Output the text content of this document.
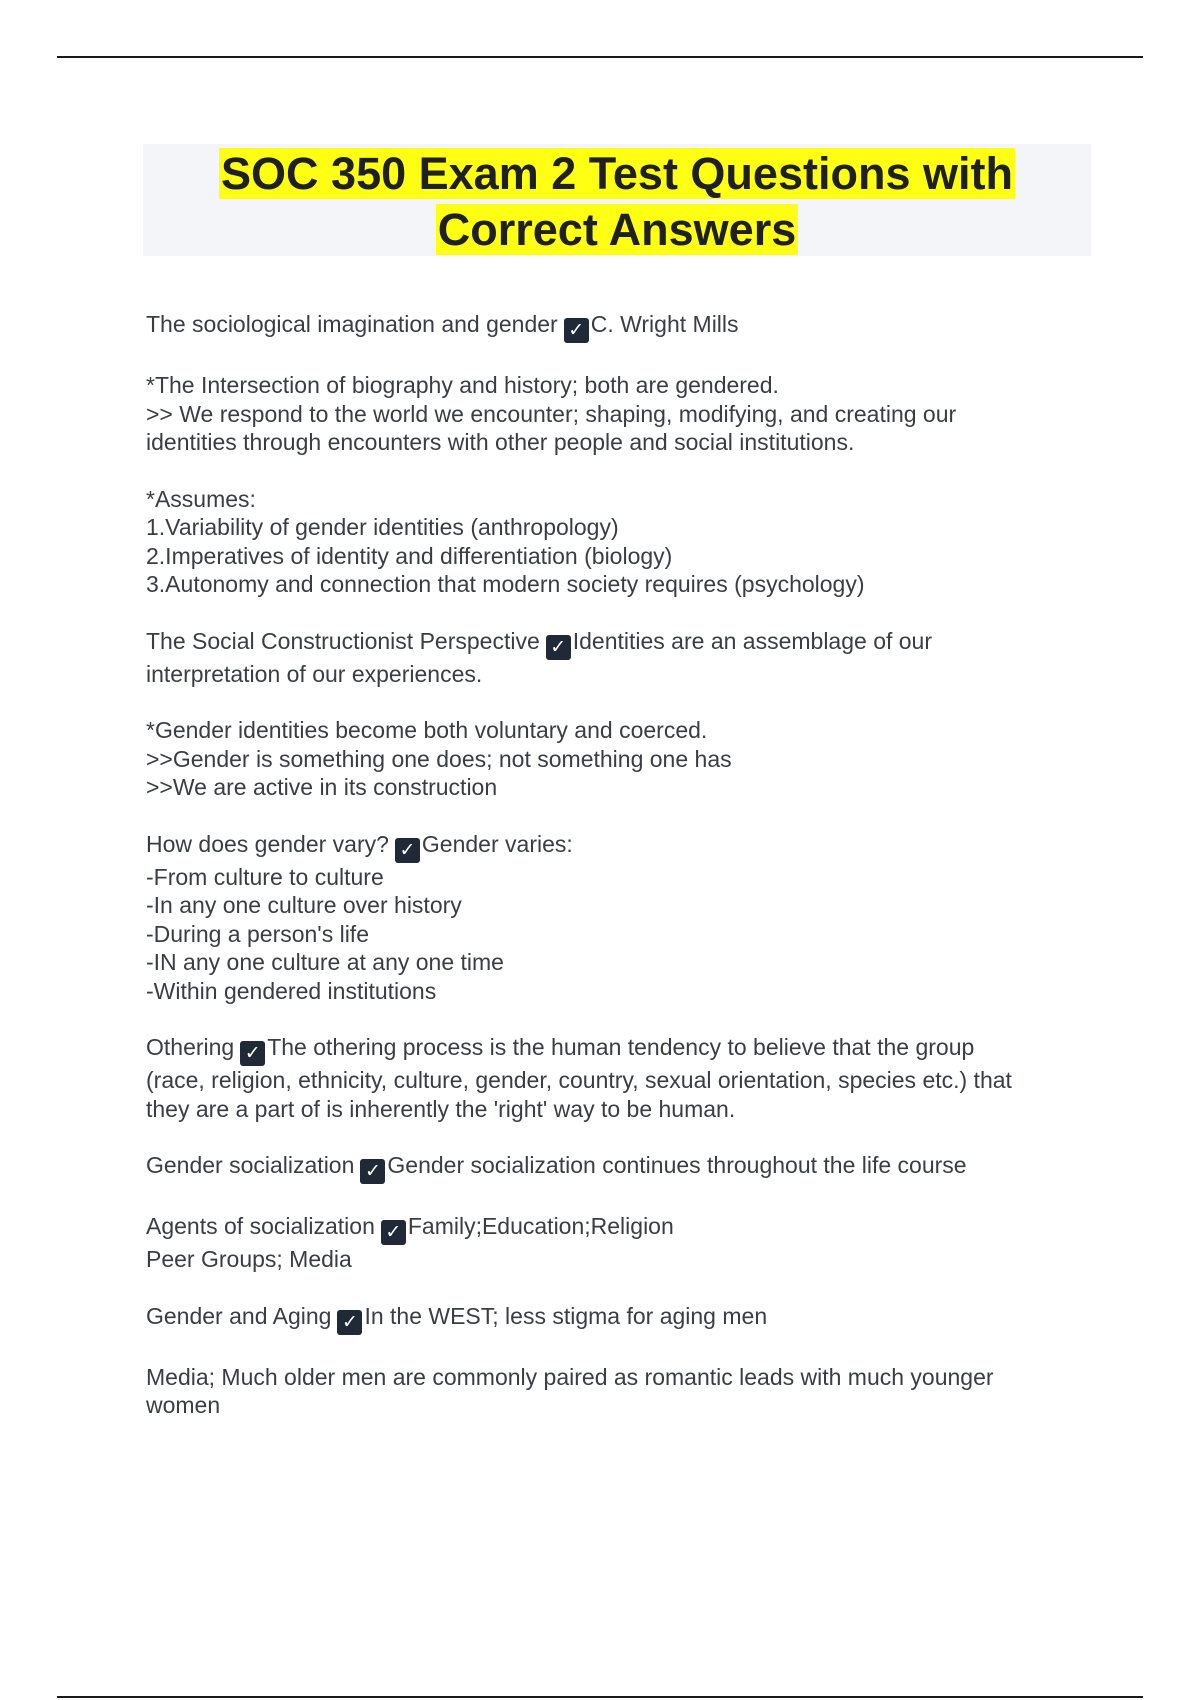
SOC 350 Exam 2 Test Questions with
Correct Answers
The sociological imagination and gender ✓ C. Wright Mills
*The Intersection of biography and history; both are gendered.
>> We respond to the world we encounter; shaping, modifying, and creating our
identities through encounters with other people and social institutions.
*Assumes:
1.Variability of gender identities (anthropology)
2.Imperatives of identity and differentiation (biology)
3.Autonomy and connection that modern society requires (psychology)
The Social Constructionist Perspective ✓ Identities are an assemblage of our
interpretation of our experiences.
*Gender identities become both voluntary and coerced.
>>Gender is something one does; not something one has
>>We are active in its construction
How does gender vary? ✓ Gender varies:
-From culture to culture
-In any one culture over history
-During a person's life
-IN any one culture at any one time
-Within gendered institutions
Othering ✓ The othering process is the human tendency to believe that the group
(race, religion, ethnicity, culture, gender, country, sexual orientation, species etc.) that
they are a part of is inherently the 'right' way to be human.
Gender socialization ✓ Gender socialization continues throughout the life course
Agents of socialization ✓ Family;Education;Religion
Peer Groups; Media
Gender and Aging ✓ In the WEST; less stigma for aging men
Media; Much older men are commonly paired as romantic leads with much younger
women
